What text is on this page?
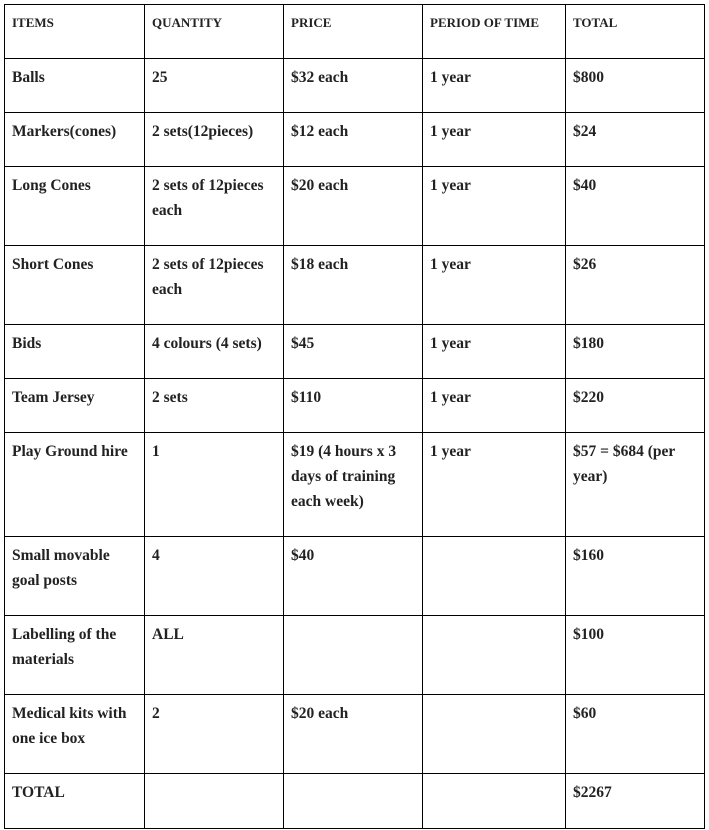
ITEMS	QUANTITY	PRICE	PERIOD OF TIME	TOTAL
Balls	25	$32 each	1 year	$800
Markers(cones)	2 sets(12pieces)	$12 each	1 year	$24
Long Cones	2 sets of 12pieces each	$20 each	1 year	$40
Short Cones	2 sets of 12pieces each	$18 each	1 year	$26
Bids	4 colours (4 sets)	$45	1 year	$180
Team Jersey	2 sets	$110	1 year	$220
Play Ground hire	1	$19 (4 hours x 3 days of training each week)	1 year	$57 = $684 (per year)
Small movable goal posts	4	$40		$160
Labelling of the materials	ALL			$100
Medical kits with one ice box	2	$20 each		$60
TOTAL				$2267
